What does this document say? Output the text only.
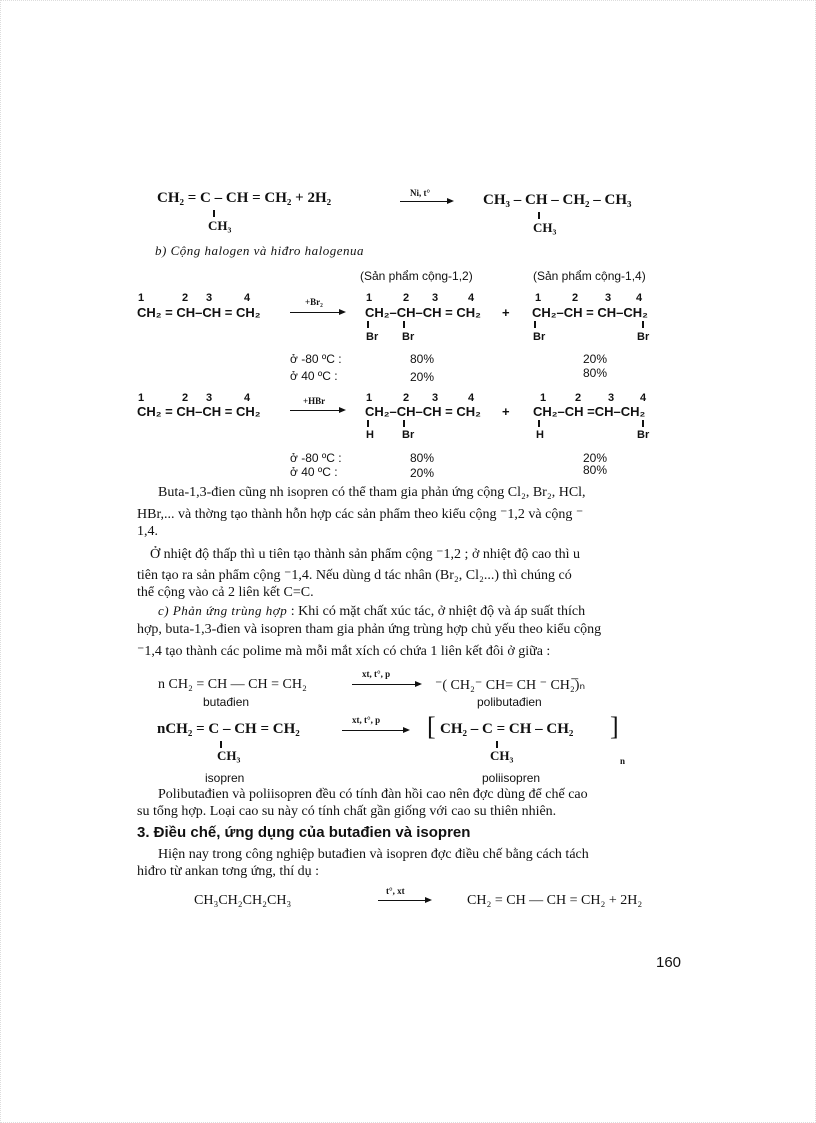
CH₂ = C – CH = CH₂ + 2H₂
CH₃
Ni, t°	CH₃ – CH – CH₂ – CH₃
CH₃
b) Cộng halogen và hiđro halogenua
(Sản phẩm cộng-1,2)	(Sản phẩm cộng-1,4)
1	2 3	4
CH₂ = CH–CH = CH₂
+Br₂	1	2 3	4
CH₂–CH–CH = CH₂
Br Br
+
1	2 3 4
CH₂–CH = CH–CH₂
Br	Br
ở -80 ºC :	80%	20%
ở 40 ºC :	20%	80%
1	2 3	4
CH₂ = CH–CH = CH₂
+HBr	1	2 3	4
CH₂–CH–CH = CH₂
H	Br
+
1	2 3 4
CH₂–CH =CH–CH₂
H	Br
ở -80 ºC :	80%	20%
ở 40 ºC :	20%	80%
Buta-1,3-đien cũng nh isopren có thể tham gia phản ứng cộng Cl₂, Br₂, HCl,
HBr,... và thờng tạo thành hỗn hợp các sản phẩm theo kiểu cộng ⁻1,2 và cộng ⁻
1,4.
Ở nhiệt độ thấp thì u tiên tạo thành sản phẩm cộng ⁻1,2 ; ở nhiệt độ cao thì u
tiên tạo ra sản phẩm cộng ⁻1,4. Nếu dùng d tác nhân (Br₂, Cl₂...) thì chúng có
thể cộng vào cả 2 liên kết C=C.
c) Phản ứng trùng hợp : Khi có mặt chất xúc tác, ở nhiệt độ và áp suất thích
hợp, buta-1,3-đien và isopren tham gia phản ứng trùng hợp chủ yếu theo kiểu cộng
⁻1,4 tạo thành các polime mà mỗi mắt xích có chứa 1 liên kết đôi ở giữa :
n CH₂ = CH — CH = CH₂
xt, t°, p
⁻( CH₂⁻ CH= CH ⁻ CH₂̅)ₙ
butađien	polibutađien
nCH₂ = C – CH = CH₂
CH₃
xt, t°, p [ CH₂ – C = CH – CH₂
CH₃
]
n
isopren	poliisopren
Polibutađien và poliisopren đều có tính đàn hồi cao nên đợc dùng để chế cao
su tổng hợp. Loại cao su này có tính chất gần giống với cao su thiên nhiên.
3. Điều chế, ứng dụng của butađien và isopren
Hiện nay trong công nghiệp butađien và isopren đợc điều chế bằng cách tách
hiđro từ ankan tơng ứng, thí dụ :
CH₃CH₂CH₂CH₃
t°, xt
CH₂ = CH — CH = CH₂ + 2H₂
160
